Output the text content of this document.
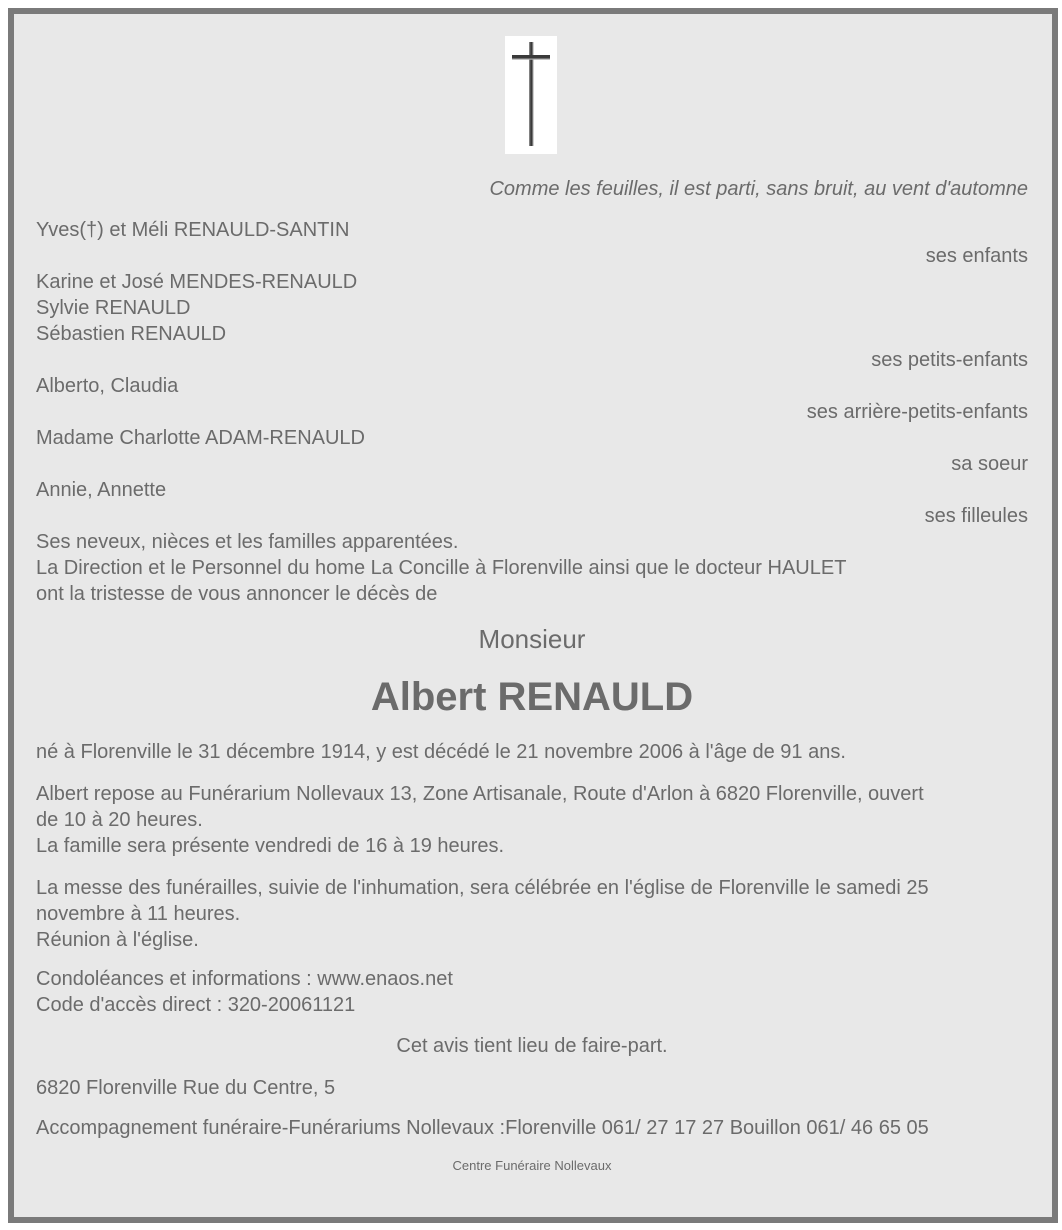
Comme les feuilles, il est parti, sans bruit, au vent d'automne
Yves(†) et Méli RENAULD-SANTIN
ses enfants
Karine et José MENDES-RENAULD
Sylvie RENAULD
Sébastien RENAULD
ses petits-enfants
Alberto, Claudia
ses arrière-petits-enfants
Madame Charlotte ADAM-RENAULD
sa soeur
Annie, Annette
ses filleules
Ses neveux, nièces et les familles apparentées.
La Direction et le Personnel du home La Concille à Florenville ainsi que le docteur HAULET
ont la tristesse de vous annoncer le décès de
Monsieur
Albert RENAULD
né à Florenville le 31 décembre 1914, y est décédé le 21 novembre 2006 à l'âge de 91 ans.
Albert repose au Funérarium Nollevaux 13, Zone Artisanale, Route d'Arlon à 6820 Florenville, ouvert
de 10 à 20 heures.
La famille sera présente vendredi de 16 à 19 heures.
La messe des funérailles, suivie de l'inhumation, sera célébrée en l'église de Florenville le samedi 25
novembre à 11 heures.
Réunion à l'église.
Condoléances et informations : www.enaos.net
Code d'accès direct : 320-20061121
Cet avis tient lieu de faire-part.
6820 Florenville Rue du Centre, 5
Accompagnement funéraire-Funérariums Nollevaux :Florenville 061/ 27 17 27 Bouillon 061/ 46 65 05
Centre Funéraire Nollevaux
